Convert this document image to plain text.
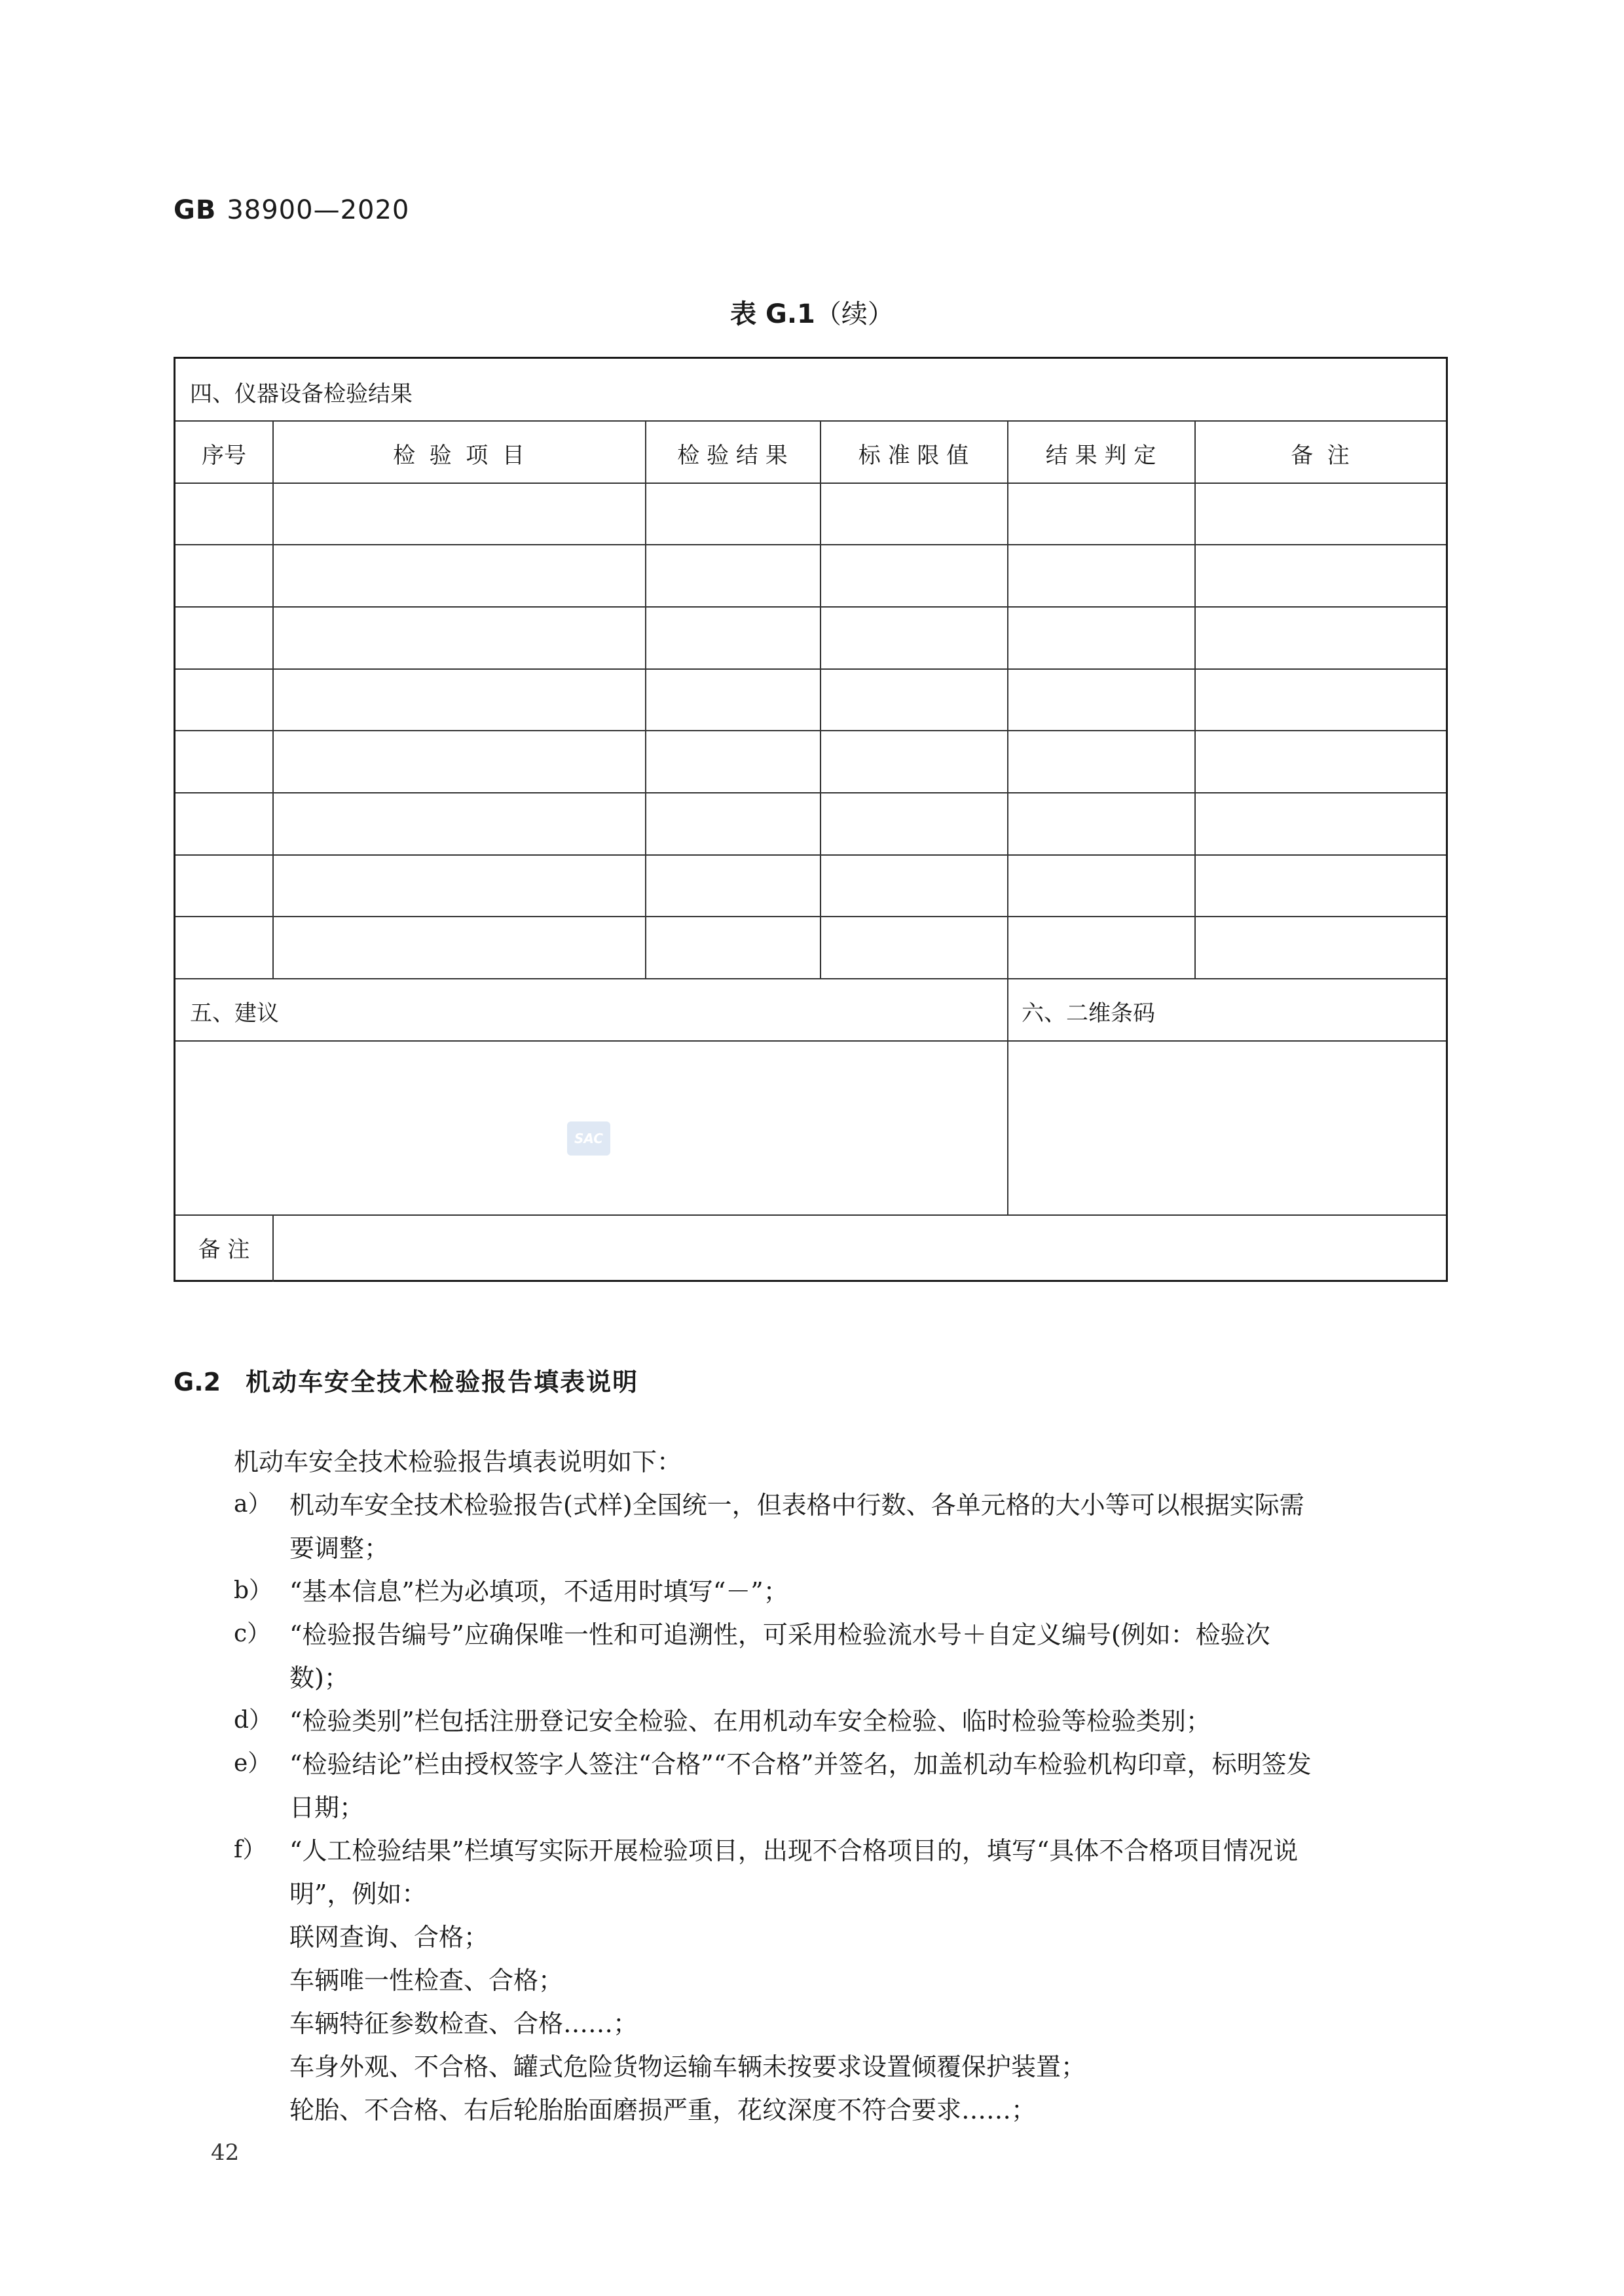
GB 38900—2020
表 G.1（续）
四、仪器设备检验结果
序号	检  验  项  目	检 验 结 果	标 准 限 值	结 果 判 定	备  注
五、建议	六、二维条码
备 注
SAC
G.2 机动车安全技术检验报告填表说明
机动车安全技术检验报告填表说明如下：
a） 机动车安全技术检验报告(式样)全国统一，但表格中行数、各单元格的大小等可以根据实际需
要调整；
b） “基本信息”栏为必填项，不适用时填写“－”；
c） “检验报告编号”应确保唯一性和可追溯性，可采用检验流水号＋自定义编号(例如：检验次
数)；
d） “检验类别”栏包括注册登记安全检验、在用机动车安全检验、临时检验等检验类别；
e） “检验结论”栏由授权签字人签注“合格”“不合格”并签名，加盖机动车检验机构印章，标明签发
日期；
f） “人工检验结果”栏填写实际开展检验项目，出现不合格项目的，填写“具体不合格项目情况说
明”，例如：
联网查询、合格；
车辆唯一性检查、合格；
车辆特征参数检查、合格……；
车身外观、不合格、罐式危险货物运输车辆未按要求设置倾覆保护装置；
轮胎、不合格、右后轮胎胎面磨损严重，花纹深度不符合要求……；
42
